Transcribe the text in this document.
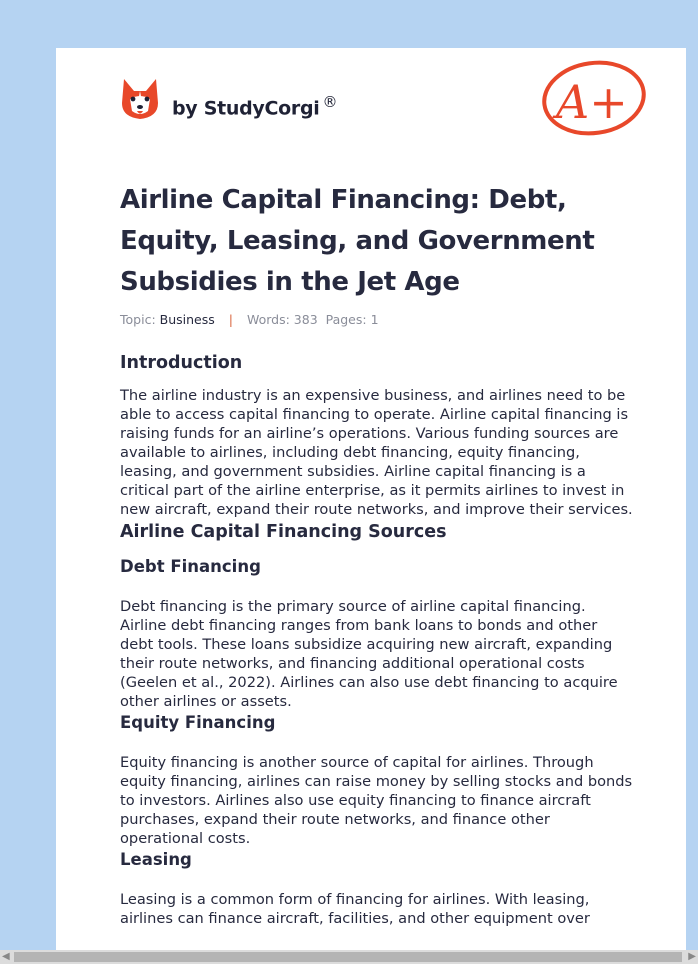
by StudyCorgi ®	A+
Airline Capital Financing: Debt, Equity, Leasing, and Government Subsidies in the Jet Age
Topic: Business | Words: 383 Pages: 1
Introduction

The airline industry is an expensive business, and airlines need to be able to access capital financing to operate. Airline capital financing is raising funds for an airline’s operations. Various funding sources are available to airlines, including debt financing, equity financing, leasing, and government subsidies. Airline capital financing is a critical part of the airline enterprise, as it permits airlines to invest in new aircraft, expand their route networks, and improve their services.

Airline Capital Financing Sources
Debt Financing

Debt financing is the primary source of airline capital financing. Airline debt financing ranges from bank loans to bonds and other debt tools. These loans subsidize acquiring new aircraft, expanding their route networks, and financing additional operational costs (Geelen et al., 2022). Airlines can also use debt financing to acquire other airlines or assets.

Equity Financing

Equity financing is another source of capital for airlines. Through equity financing, airlines can raise money by selling stocks and bonds to investors. Airlines also use equity financing to finance aircraft purchases, expand their route networks, and finance other operational costs.

Leasing

Leasing is a common form of financing for airlines. With leasing, airlines can finance aircraft, facilities, and other equipment over

◀	▶
